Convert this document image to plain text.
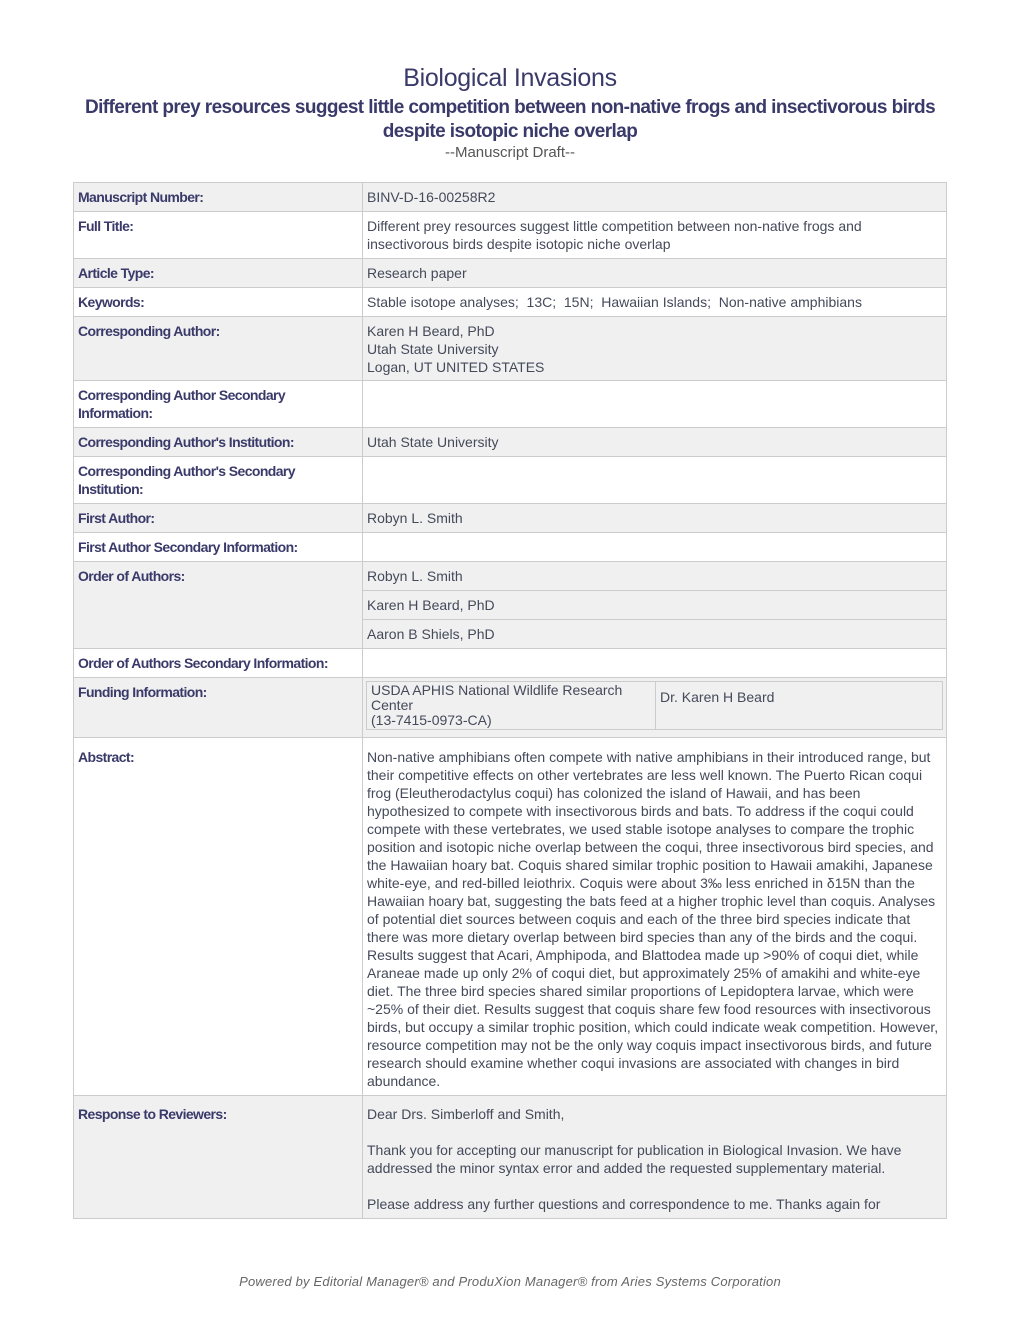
Biological Invasions
Different prey resources suggest little competition between non-native frogs and insectivorous birds despite isotopic niche overlap
--Manuscript Draft--
Manuscript Number:	BINV-D-16-00258R2
Full Title:	Different prey resources suggest little competition between non-native frogs and insectivorous birds despite isotopic niche overlap
Article Type:	Research paper
Keywords:	Stable isotope analyses;  13C;  15N;  Hawaiian Islands;  Non-native amphibians
Corresponding Author:	Karen H Beard, PhD
Utah State University
Logan, UT UNITED STATES

Corresponding Author Secondary Information:	
Corresponding Author's Institution:	Utah State University
Corresponding Author's Secondary Institution:	
First Author:	Robyn L. Smith
First Author Secondary Information:	
Order of Authors:	Robyn L. Smith
Karen H Beard, PhD
Aaron B Shiels, PhD
Order of Authors Secondary Information:	
Funding Information:		USDA APHIS National Wildlife Research Center
(13-7415-0973-CA)
	Dr. Karen H Beard

Abstract:	Non-native amphibians often compete with native amphibians in their introduced range, but their competitive effects on other vertebrates are less well known. The Puerto Rican coqui frog (Eleutherodactylus coqui) has colonized the island of Hawaii, and has been hypothesized to compete with insectivorous birds and bats. To address if the coqui could compete with these vertebrates, we used stable isotope analyses to compare the trophic position and isotopic niche overlap between the coqui, three insectivorous bird species, and the Hawaiian hoary bat. Coquis shared similar trophic position to Hawaii amakihi, Japanese white-eye, and red-billed leiothrix. Coquis were about 3‰ less enriched in δ15N than the Hawaiian hoary bat, suggesting the bats feed at a higher trophic level than coquis. Analyses of potential diet sources between coquis and each of the three bird species indicate that there was more dietary overlap between bird species than any of the birds and the coqui. Results suggest that Acari, Amphipoda, and Blattodea made up >90% of coqui diet, while Araneae made up only 2% of coqui diet, but approximately 25% of amakihi and white-eye diet. The three bird species shared similar proportions of Lepidoptera larvae, which were ~25% of their diet. Results suggest that coquis share few food resources with insectivorous birds, but occupy a similar trophic position, which could indicate weak competition. However, resource competition may not be the only way coquis impact insectivorous birds, and future research should examine whether coqui invasions are associated with changes in bird abundance.
Response to Reviewers:	Dear Drs. Simberloff and Smith,

Thank you for accepting our manuscript for publication in Biological Invasion. We have addressed the minor syntax error and added the requested supplementary material.

Please address any further questions and correspondence to me. Thanks again for

Powered by Editorial Manager® and ProduXion Manager® from Aries Systems Corporation
